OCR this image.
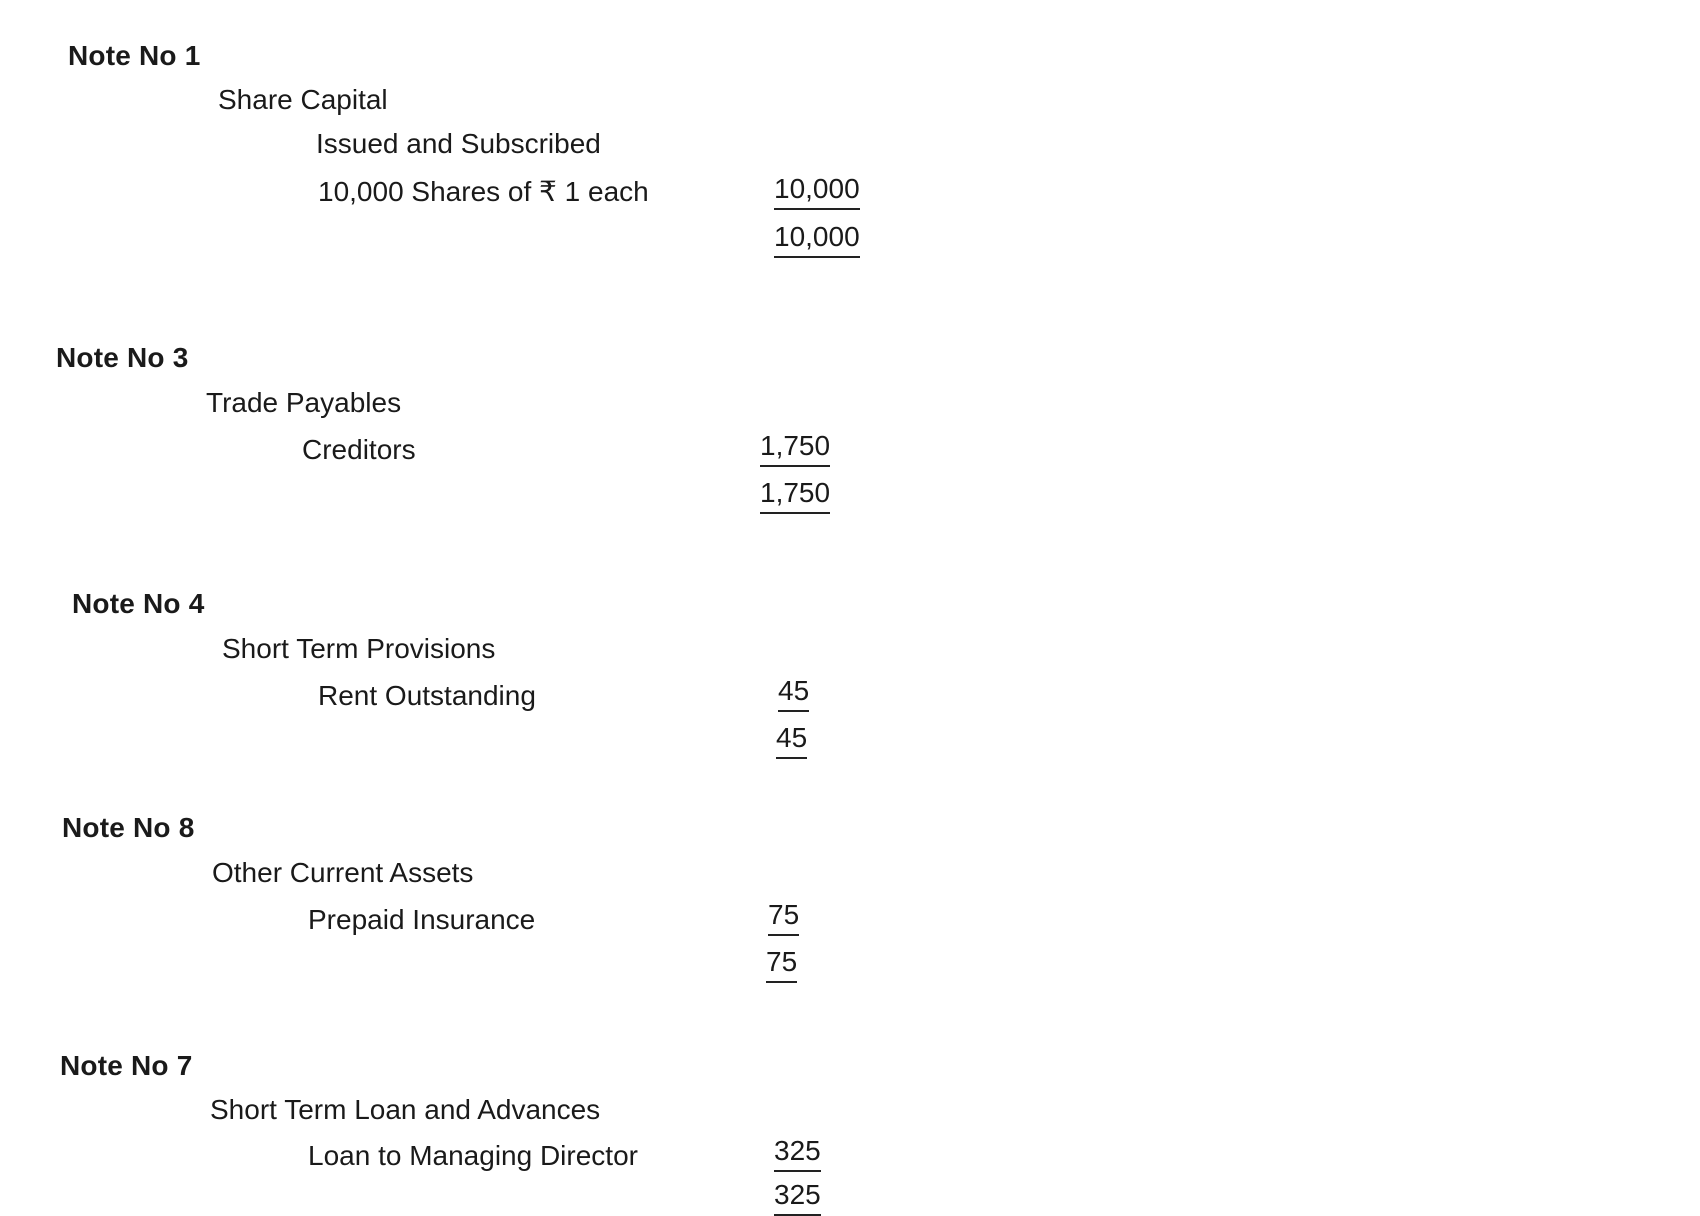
Note No 1
Share Capital
Issued and Subscribed
10,000 Shares of ₹ 1 each	10,000
10,000
Note No 3
Trade Payables
Creditors	1,750
1,750
Note No 4
Short Term Provisions
Rent Outstanding	45
45
Note No 8
Other Current Assets
Prepaid Insurance	75
75
Note No 7
Short Term Loan and Advances
Loan to Managing Director	325
325
